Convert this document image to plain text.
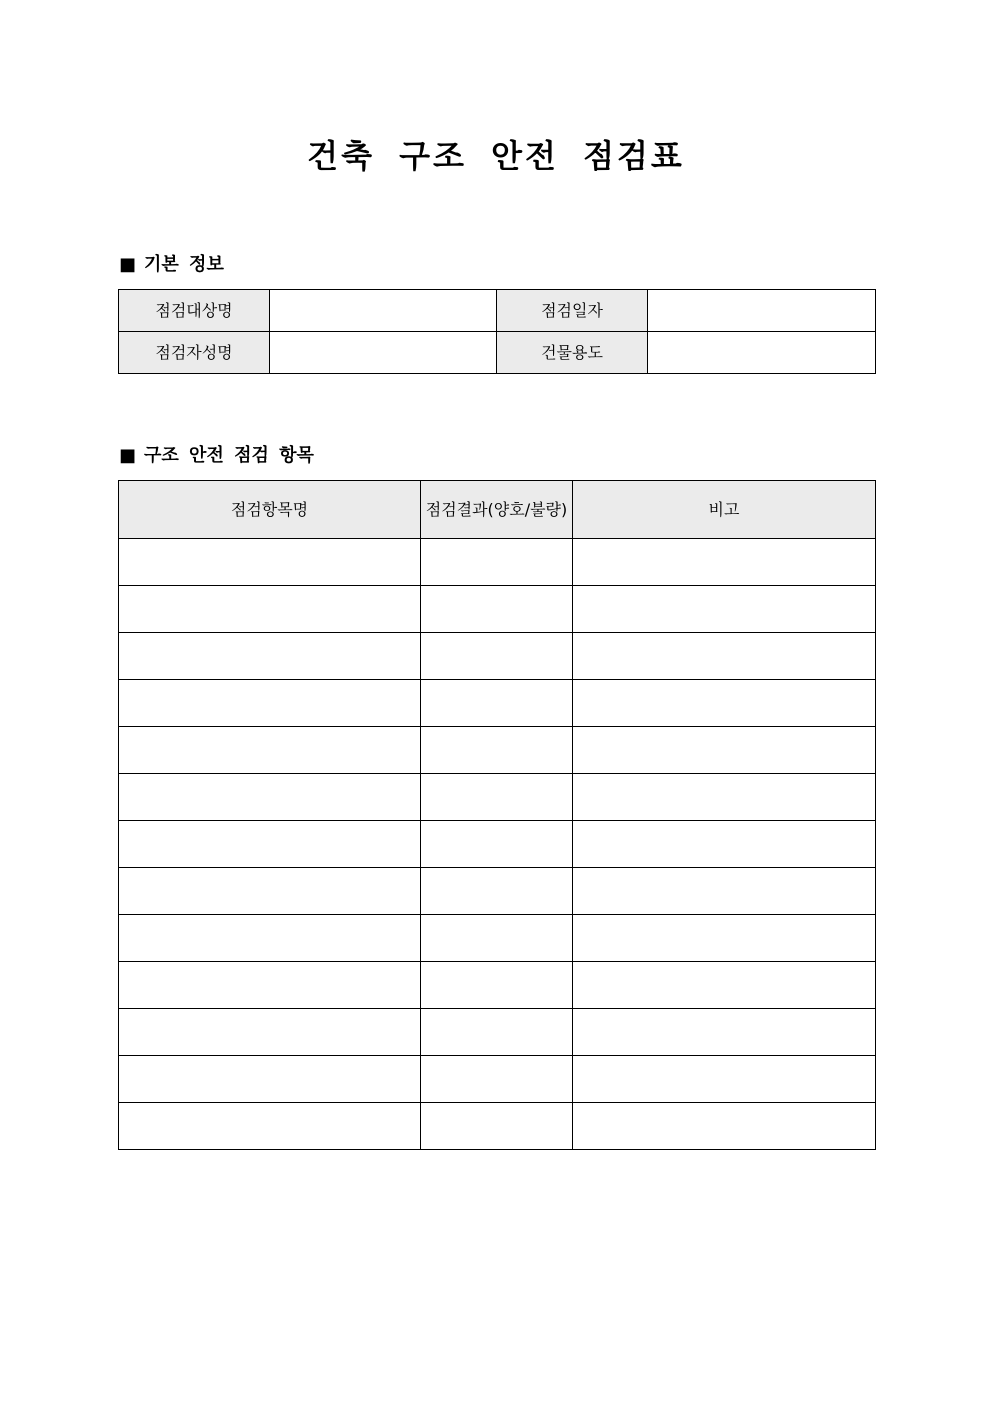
건축 구조 안전 점검표
■ 기본 정보
점검대상명		점검일자	
점검자성명		건물용도	
■ 구조 안전 점검 항목
점검항목명	점검결과(양호/불량)	비고
